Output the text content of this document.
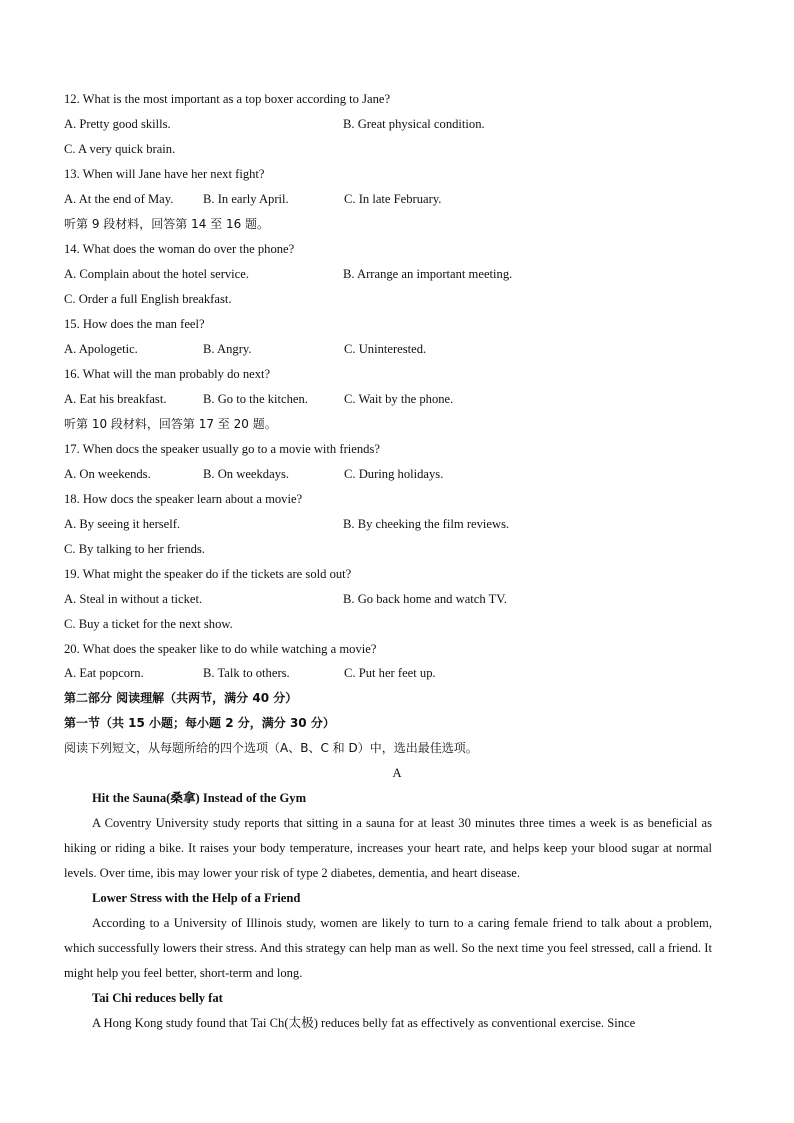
12. What is the most important as a top boxer according to Jane?
A. Pretty good skills.	B. Great physical condition.
C. A very quick brain.
13. When will Jane have her next fight?
A. At the end of May. B. In early April.	C. In late February.
听第 9 段材料，回答第 14 至 16 题。
14. What does the woman do over the phone?
A. Complain about the hotel service.	B. Arrange an important meeting.
C. Order a full English breakfast.
15. How does the man feel?
A. Apologetic.	B. Angry.	C. Uninterested.
16. What will the man probably do next?
A. Eat his breakfast.	B. Go to the kitchen.	C. Wait by the phone.
听第 10 段材料，回答第 17 至 20 题。
17. When docs the speaker usually go to a movie with friends?
A. On weekends.	B. On weekdays.	C. During holidays.
18. How docs the speaker learn about a movie?
A. By seeing it herself.	B. By cheeking the film reviews.
C. By talking to her friends.
19. What might the speaker do if the tickets are sold out?
A. Steal in without a ticket.	B. Go back home and watch TV.
C. Buy a ticket for the next show.
20. What does the speaker like to do while watching a movie?
A. Eat popcorn.	B. Talk to others.	C. Put her feet up.
第二部分 阅读理解（共两节，满分 40 分）
第一节（共 15 小题；每小题 2 分，满分 30 分）
阅读下列短文，从每题所给的四个选项（A、B、C 和 D）中，选出最佳选项。
A
Hit the Sauna(桑拿) Instead of the Gym
A Coventry University study reports that sitting in a sauna for at least 30 minutes three times a week is as beneficial as hiking or riding a bike. It raises your body temperature, increases your heart rate, and helps keep your blood sugar at normal levels. Over time, ibis may lower your risk of type 2 diabetes, dementia, and heart disease.
Lower Stress with the Help of a Friend
According to a University of Illinois study, women are likely to turn to a caring female friend to talk about a problem, which successfully lowers their stress. And this strategy can help man as well. So the next time you feel stressed, call a friend. It might help you feel better, short-term and long.
Tai Chi reduces belly fat
A Hong Kong study found that Tai Ch(太极) reduces belly fat as effectively as conventional exercise. Since
